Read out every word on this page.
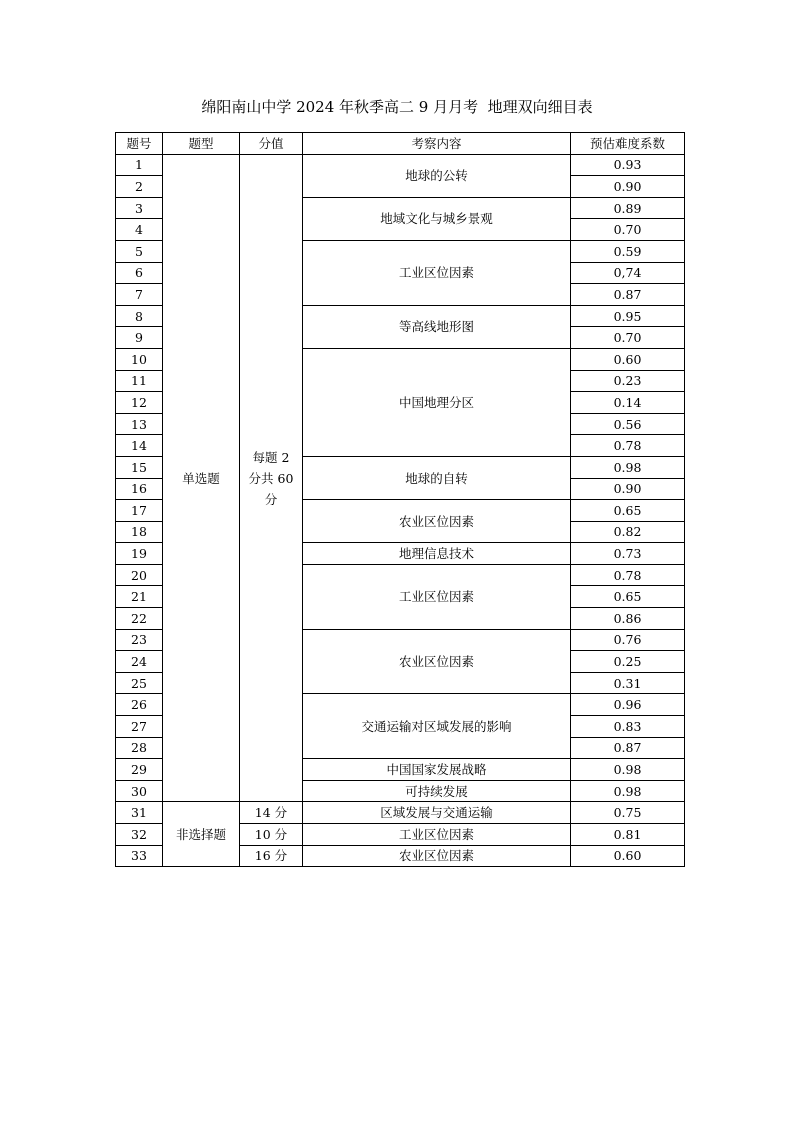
绵阳南山中学 2024 年秋季高二 9 月月考  地理双向细目表
题号	题型	分值	考察内容	预估难度系数
1	单选题	每题 2 分共 60 分	地球的公转	0.93
2				0.90
3			地域文化与城乡景观	0.89
4				0.70
5			工业区位因素	0.59
6				0,74
7				0.87
8			等高线地形图	0.95
9				0.70
10			中国地理分区	0.60
11				0.23
12				0.14
13				0.56
14				0.78
15			地球的自转	0.98
16				0.90
17			农业区位因素	0.65
18				0.82
19			地理信息技术	0.73
20			工业区位因素	0.78
21				0.65
22				0.86
23			农业区位因素	0.76
24				0.25
25				0.31
26			交通运输对区域发展的影响	0.96
27				0.83
28				0.87
29			中国国家发展战略	0.98
30			可持续发展	0.98
31	非选择题	14 分	区域发展与交通运输	0.75
32		10 分	工业区位因素	0.81
33		16 分	农业区位因素	0.60
